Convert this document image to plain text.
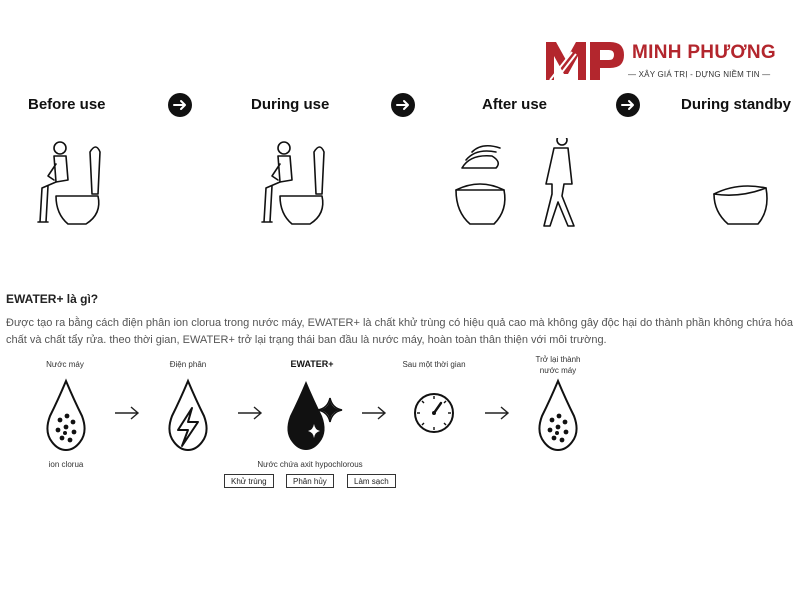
MINH PHƯƠNG
— XÂY GIÁ TRỊ - DỰNG NIỀM TIN —
Before use	During use	After use	During standby
EWATER+ là gì?
Được tạo ra bằng cách điện phân ion clorua trong nước máy, EWATER+ là chất khử trùng có hiệu quả cao mà không gây độc hại do thành phần không chứa hóa chất và chất tẩy rửa. theo thời gian, EWATER+ trở lại trạng thái ban đầu là nước máy, hoàn toàn thân thiện với môi trường.
Nước máy	Điện phân	EWATER+	Sau một thời gian
Trở lại thành
nước máy
ion clorua	Nước chứa axit hypochlorous
Khử trùng	Phân hủy	Làm sạch
